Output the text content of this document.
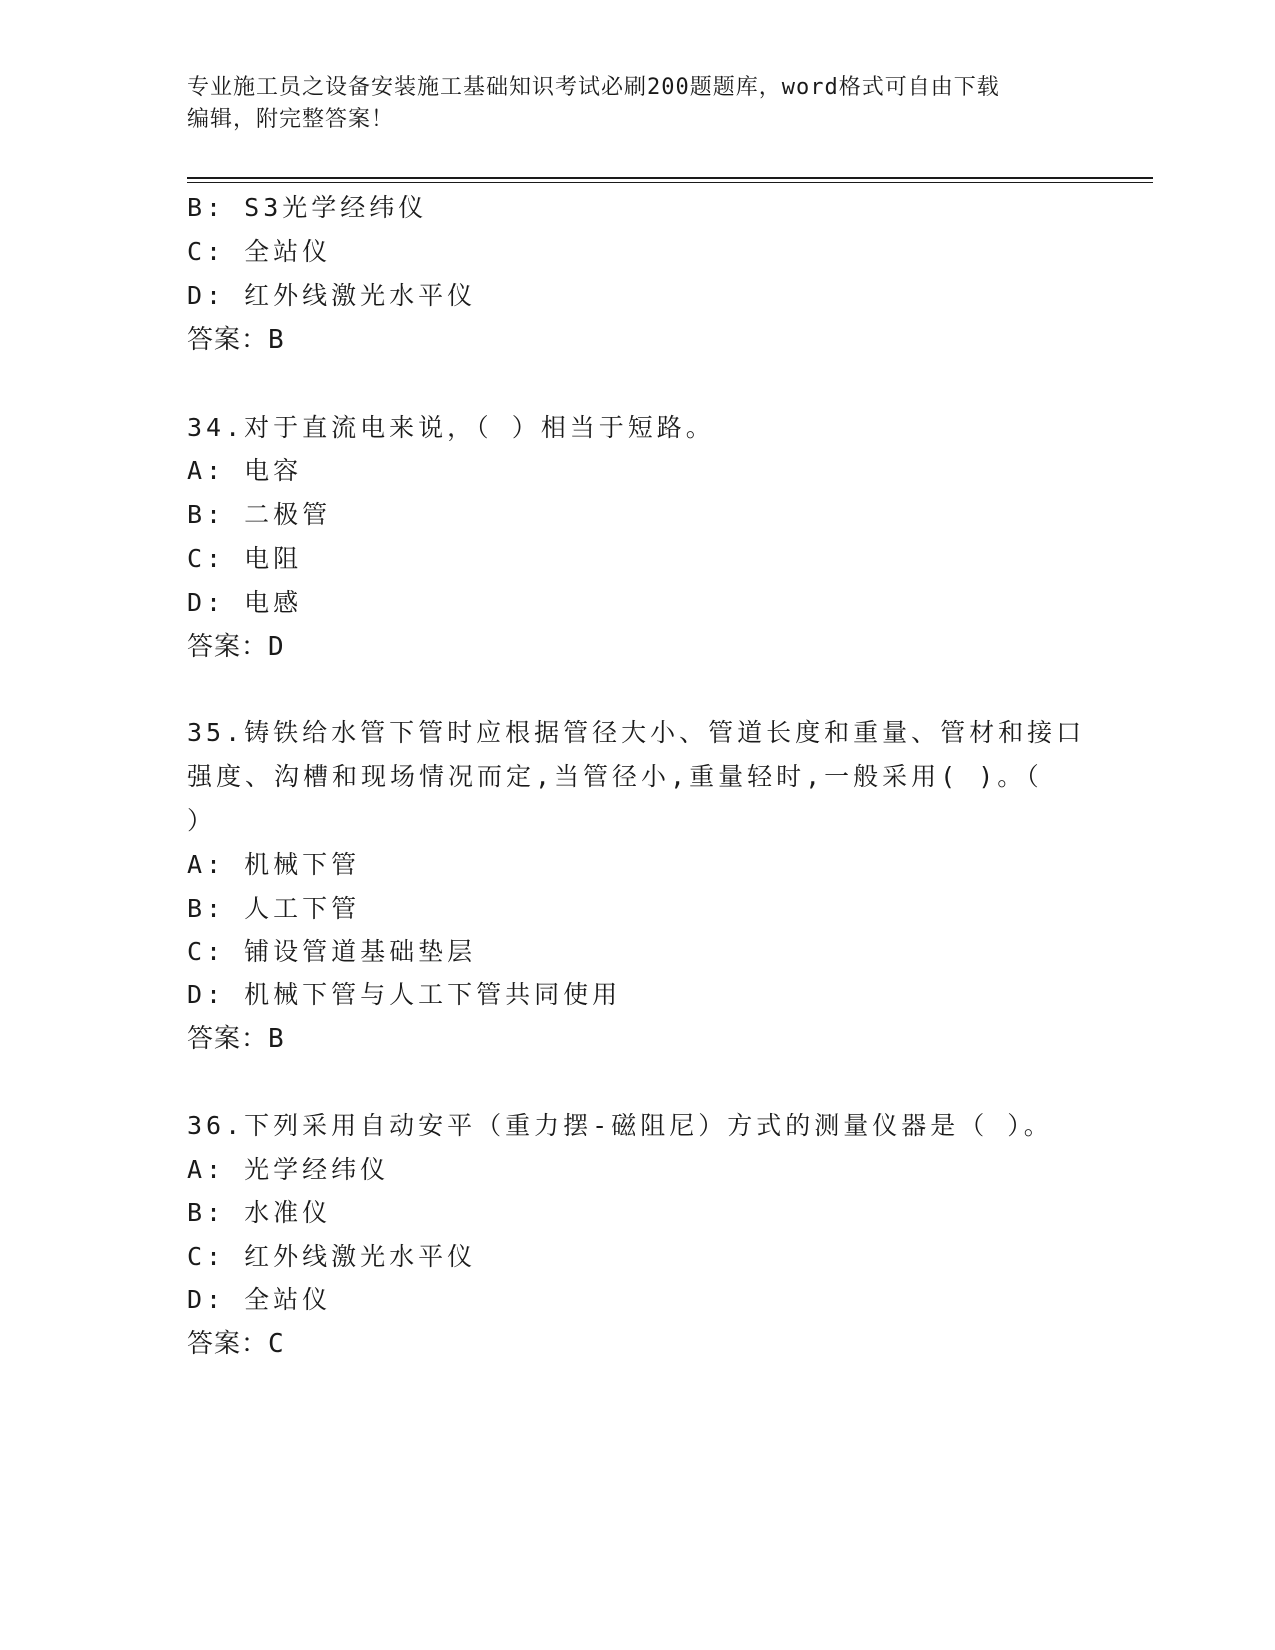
专业施工员之设备安装施工基础知识考试必刷200题题库，word格式可自由下载
编辑，附完整答案！
B: S3光学经纬仪
C: 全站仪
D: 红外线激光水平仪
答案：B
34.对于直流电来说，（ ）相当于短路。
A: 电容
B: 二极管
C: 电阻
D: 电感
答案：D
35.铸铁给水管下管时应根据管径大小、管道长度和重量、管材和接口
强度、沟槽和现场情况而定,当管径小,重量轻时,一般采用( )。（
）
A: 机械下管
B: 人工下管
C: 铺设管道基础垫层
D: 机械下管与人工下管共同使用
答案：B
36.下列采用自动安平（重力摆-磁阻尼）方式的测量仪器是（ ）。
A: 光学经纬仪
B: 水准仪
C: 红外线激光水平仪
D: 全站仪
答案：C
